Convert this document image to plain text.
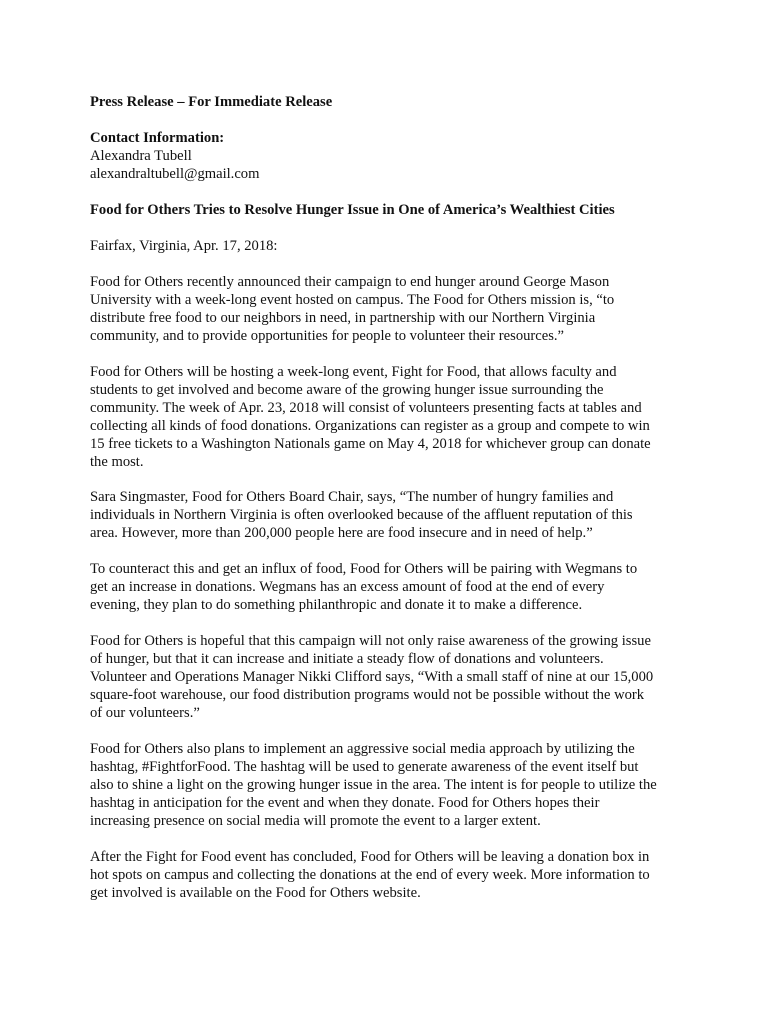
Press Release – For Immediate Release

Contact Information:
Alexandra Tubell
alexandraltubell@gmail.com

Food for Others Tries to Resolve Hunger Issue in One of America’s Wealthiest Cities

Fairfax, Virginia, Apr. 17, 2018:

Food for Others recently announced their campaign to end hunger around George Mason
University with a week-long event hosted on campus. The Food for Others mission is, “to
distribute free food to our neighbors in need, in partnership with our Northern Virginia
community, and to provide opportunities for people to volunteer their resources.”
Food for Others will be hosting a week-long event, Fight for Food, that allows faculty and
students to get involved and become aware of the growing hunger issue surrounding the
community. The week of Apr. 23, 2018 will consist of volunteers presenting facts at tables and
collecting all kinds of food donations. Organizations can register as a group and compete to win
15 free tickets to a Washington Nationals game on May 4, 2018 for whichever group can donate
the most.
Sara Singmaster, Food for Others Board Chair, says, “The number of hungry families and
individuals in Northern Virginia is often overlooked because of the affluent reputation of this
area. However, more than 200,000 people here are food insecure and in need of help.”
To counteract this and get an influx of food, Food for Others will be pairing with Wegmans to
get an increase in donations. Wegmans has an excess amount of food at the end of every
evening, they plan to do something philanthropic and donate it to make a difference.
Food for Others is hopeful that this campaign will not only raise awareness of the growing issue
of hunger, but that it can increase and initiate a steady flow of donations and volunteers.
Volunteer and Operations Manager Nikki Clifford says, “With a small staff of nine at our 15,000
square-foot warehouse, our food distribution programs would not be possible without the work
of our volunteers.”
Food for Others also plans to implement an aggressive social media approach by utilizing the
hashtag, #FightforFood. The hashtag will be used to generate awareness of the event itself but
also to shine a light on the growing hunger issue in the area. The intent is for people to utilize the
hashtag in anticipation for the event and when they donate. Food for Others hopes their
increasing presence on social media will promote the event to a larger extent.
After the Fight for Food event has concluded, Food for Others will be leaving a donation box in
hot spots on campus and collecting the donations at the end of every week. More information to
get involved is available on the Food for Others website.
